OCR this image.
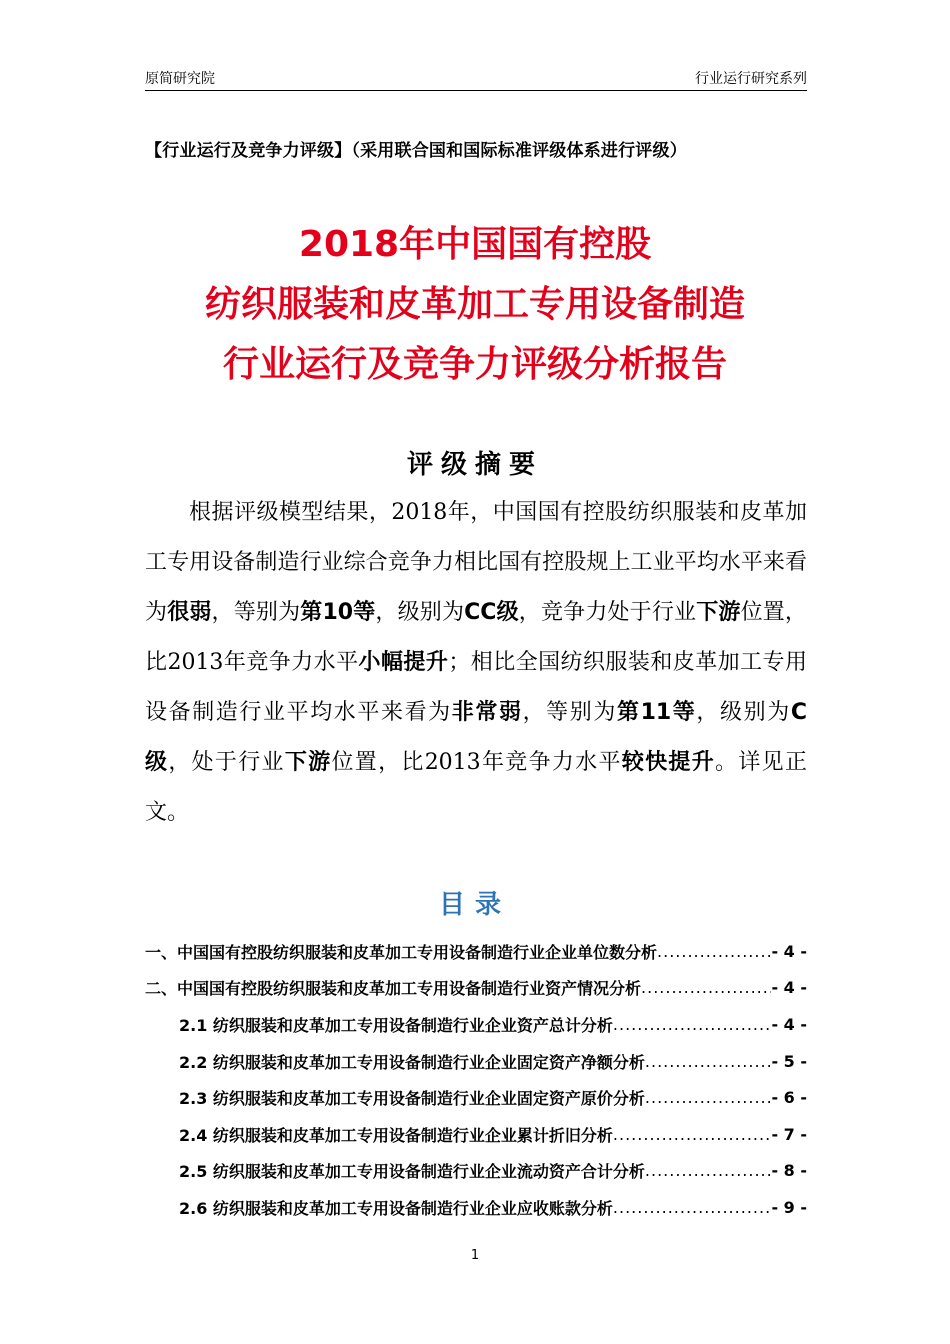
原简研究院	行业运行研究系列
【行业运行及竞争力评级】（采用联合国和国际标准评级体系进行评级）
2018年中国国有控股
纺织服装和皮革加工专用设备制造
行业运行及竞争力评级分析报告
评级摘要
根据评级模型结果，2018年，中国国有控股纺织服装和皮革加工专用设备制造行业综合竞争力相比国有控股规上工业平均水平来看为很弱，等别为第10等，级别为CC级，竞争力处于行业下游位置，比2013年竞争力水平小幅提升；相比全国纺织服装和皮革加工专用设备制造行业平均水平来看为非常弱，等别为第11等，级别为C级，处于行业下游位置，比2013年竞争力水平较快提升。详见正文。
目录
一、中国国有控股纺织服装和皮革加工专用设备制造行业企业单位数分析 .....	- 4 -
二、中国国有控股纺织服装和皮革加工专用设备制造行业资产情况分析 .....	- 4 -
2.1 纺织服装和皮革加工专用设备制造行业企业资产总计分析 .....	- 4 -
2.2 纺织服装和皮革加工专用设备制造行业企业固定资产净额分析 .....	- 5 -
2.3 纺织服装和皮革加工专用设备制造行业企业固定资产原价分析 .....	- 6 -
2.4 纺织服装和皮革加工专用设备制造行业企业累计折旧分析 .....	- 7 -
2.5 纺织服装和皮革加工专用设备制造行业企业流动资产合计分析 .....	- 8 -
2.6 纺织服装和皮革加工专用设备制造行业企业应收账款分析 .....	- 9 -
1
